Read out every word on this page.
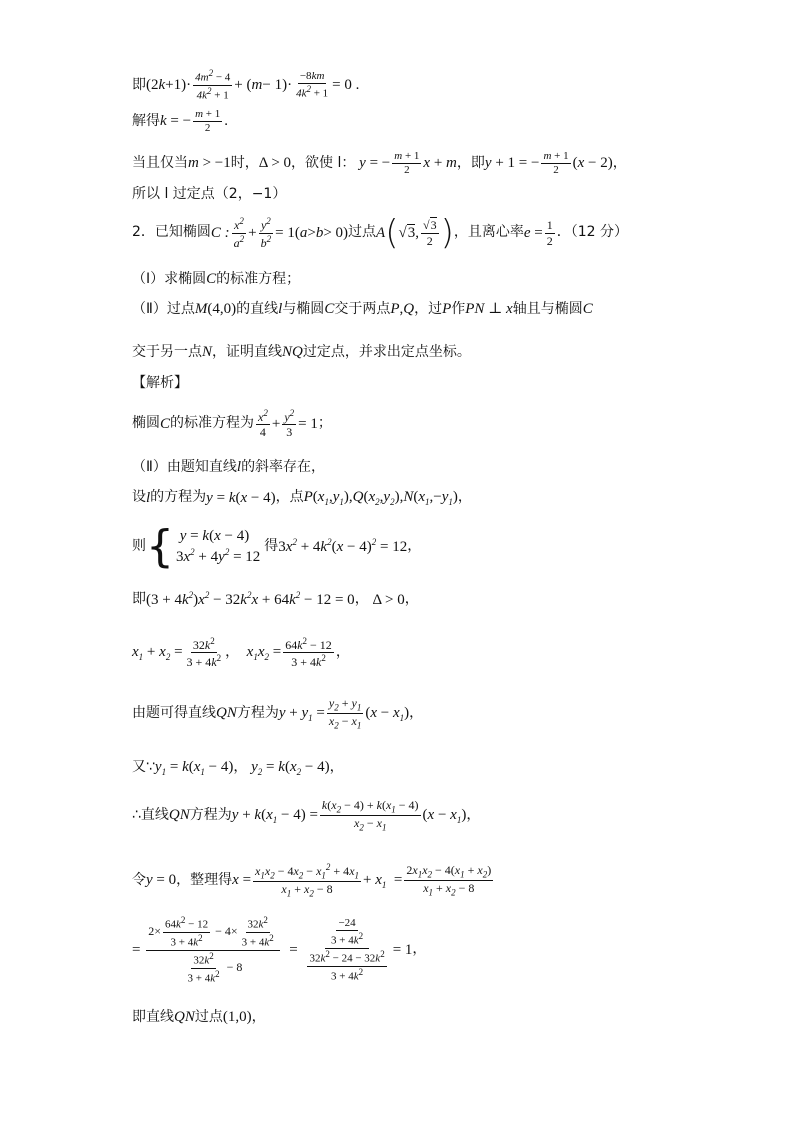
即 $(2k+1)\cdot \frac{4m^2 - 4}{4k^2 + 1}$ + ( $m - 1)\cdot \frac{-8km}{4k^2 + 1} = 0$ .
解得 k = − $\frac{m + 1}{2}$ .
当且仅当 m > −1 时， Δ > 0 ，欲使 l： y = − $\frac{m + 1}{2}$ x + m ，即 y + 1 = − $\frac{m + 1}{2} (x - 2)$ ，
所以 l 过定点（2，−1）
2．已知椭圆 C : $\frac{x^2}{a^2} + \frac{y^2}{b^2} = 1$( a > b > 0) 过点 A ( √3, $\frac{√3}{2}$ ) ，且离心率 $e = \frac{1}{2}$ ．（12 分）
（Ⅰ）求椭圆 C 的标准方程；
（Ⅱ）过点 M(4,0) 的直线 l 与椭圆 C 交于两点 P,Q ，过 P 作 PN ⊥ x 轴且与椭圆 C
交于另一点 N ，证明直线 NQ 过定点，并求出定点坐标。
【解析】
椭圆 C 的标准方程为 $\frac{x^2}{4} + \frac{y^2}{3} = 1$ ；
（Ⅱ）由题知直线 l 的斜率存在，
设 l 的方程为 y = k(x − 4) ，点 $P(x_1,y_1),Q(x_2,y_2),N(x_1,-y_1)$ ，
则 { y = k(x − 4)
$3x^2 + 4y^2 = 12$
得 $3x^2 + 4k^2(x - 4)^2 = 12$ ，
即 $(3 + 4k^2)x^2 - 32k^2x + 64k^2 - 12 = 0$ ， Δ > 0 ，
$x_1 + x_2 = \frac{32k^2}{3 + 4k^2}$ ， $x_1x_2 = \frac{64k^2 - 12}{3 + 4k^2}$ ，
由题可得直线 QN 方程为 $y + y_1 = \frac{y_2 + y_1}{x_2 - x_1} (x - x_1)$ ，
又∵ $y_1 = k(x_1 - 4)$ ， $y_2 = k(x_2 - 4)$ ，
∴直线 QN 方程为 $y + k(x_1 - 4) = \frac{k(x_2 - 4) + k(x_1 - 4)}{x_2 - x_1} (x - x_1)$ ，
令 y = 0 ，整理得 $x = \frac{x_1x_2 - 4x_2 - x_1^2 + 4x_1}{x_1 + x_2 - 8} + x_1 = \frac{2x_1x_2 - 4(x_1 + x_2)}{x_1 + x_2 - 8}$
= $\frac{2\times \frac{64k^2 - 12}{3 + 4k^2} - 4\times \frac{32k^2}{3 + 4k^2}}{\frac{32k^2}{3 + 4k^2} - 8} = \frac{\frac{-24}{3 + 4k^2}}{\frac{32k^2 - 24 - 32k^2}{3 + 4k^2}} = 1$ ，
即直线 QN 过点 (1,0) ，
